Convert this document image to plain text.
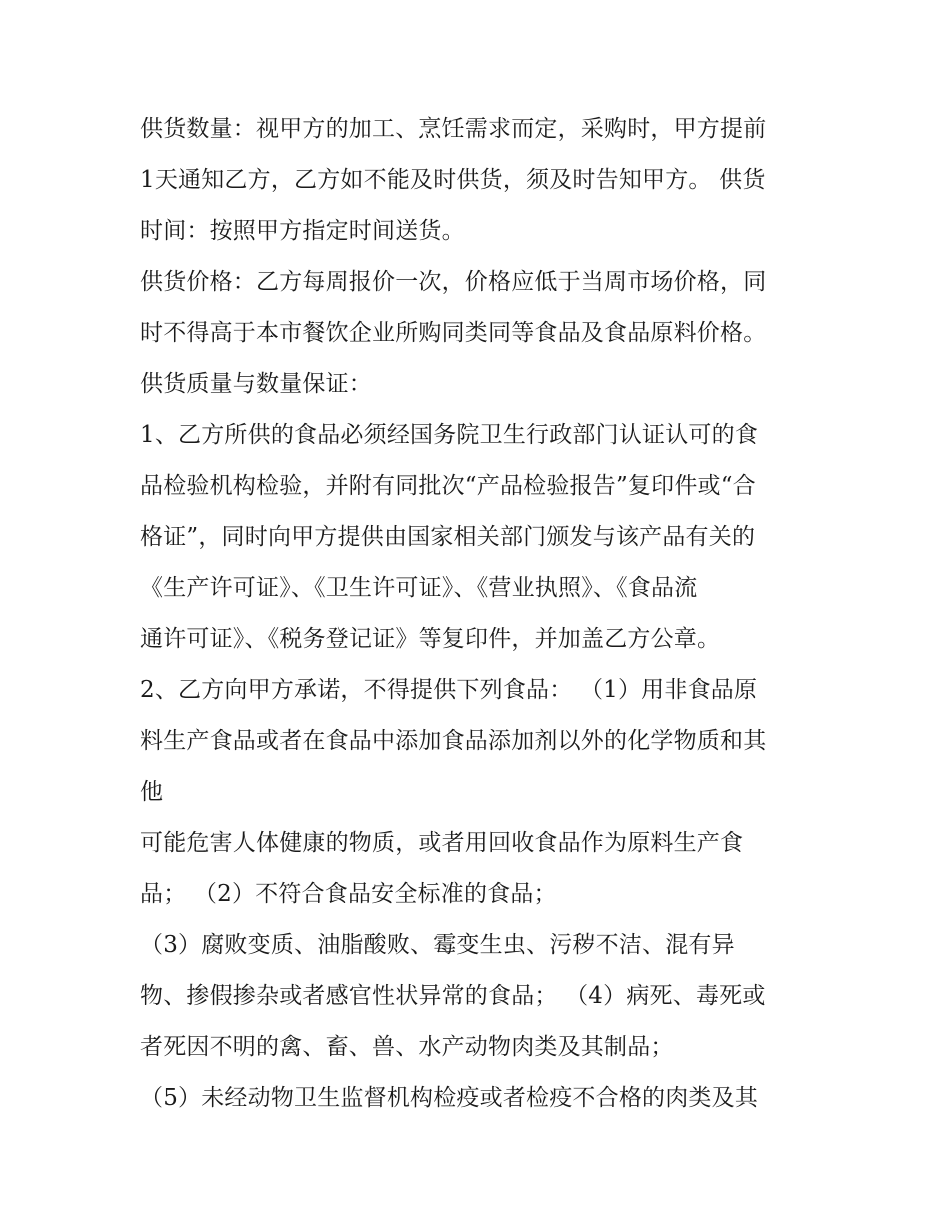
供货数量：视甲方的加工、烹饪需求而定，采购时，甲方提前
1天通知乙方，乙方如不能及时供货，须及时告知甲方。 供货
时间：按照甲方指定时间送货。
供货价格：乙方每周报价一次，价格应低于当周市场价格，同
时不得高于本市餐饮企业所购同类同等食品及食品原料价格。
供货质量与数量保证：
1、乙方所供的食品必须经国务院卫生行政部门认证认可的食
品检验机构检验，并附有同批次“产品检验报告”复印件或“合
格证”，同时向甲方提供由国家相关部门颁发与该产品有关的
《生产许可证》、《卫生许可证》、《营业执照》、《食品流
通许可证》、《税务登记证》等复印件，并加盖乙方公章。
2、乙方向甲方承诺，不得提供下列食品： （1）用非食品原
料生产食品或者在食品中添加食品添加剂以外的化学物质和其
他
可能危害人体健康的物质，或者用回收食品作为原料生产食
品； （2）不符合食品安全标准的食品；
（3）腐败变质、油脂酸败、霉变生虫、污秽不洁、混有异
物、掺假掺杂或者感官性状异常的食品； （4）病死、毒死或
者死因不明的禽、畜、兽、水产动物肉类及其制品；
（5）未经动物卫生监督机构检疫或者检疫不合格的肉类及其
